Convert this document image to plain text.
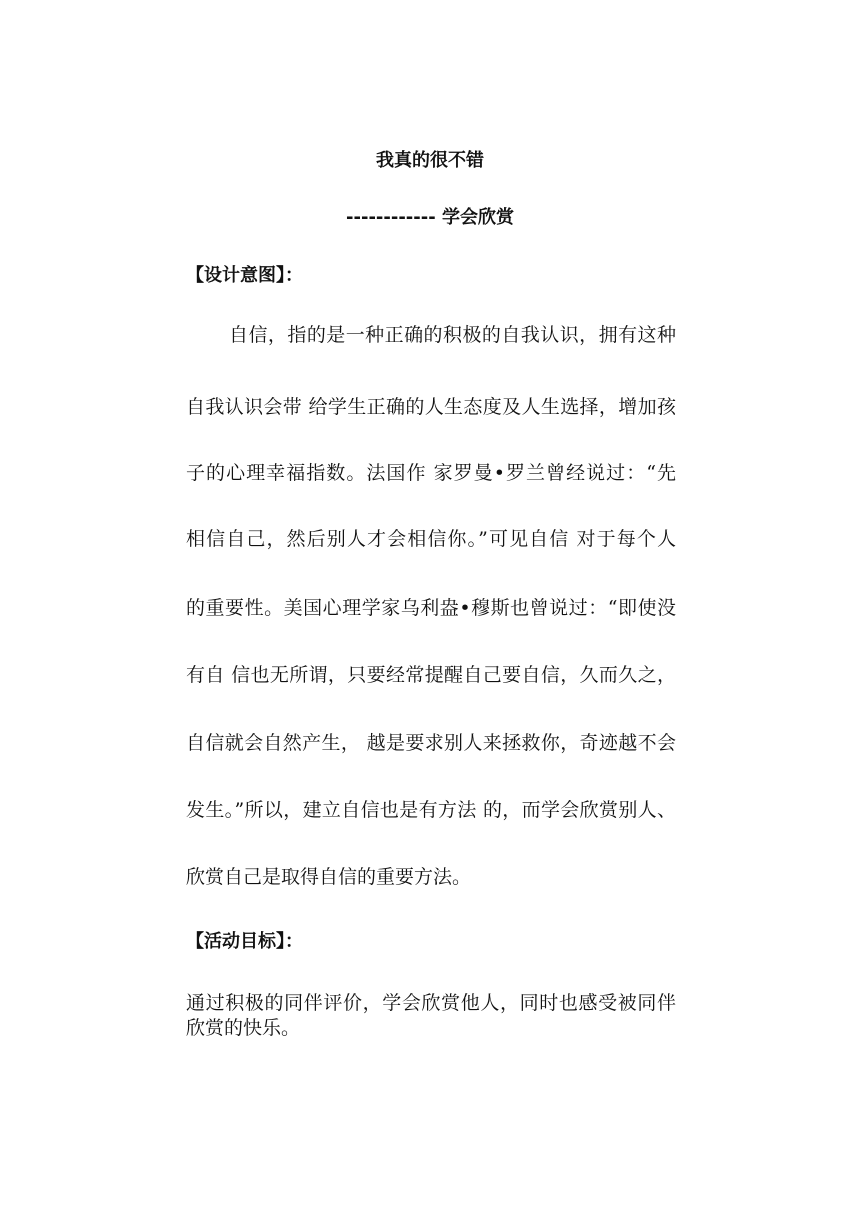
我真的很不错
------------ 学会欣赏
【设计意图】：
自信，指的是一种正确的积极的自我认识，拥有这种
自我认识会带 给学生正确的人生态度及人生选择，增加孩
子的心理幸福指数。法国作 家罗曼•罗兰曾经说过：“先
相信自己，然后别人才会相信你。”可见自信 对于每个人
的重要性。美国心理学家乌利盎•穆斯也曾说过：“即使没
有自 信也无所谓，只要经常提醒自己要自信，久而久之，
自信就会自然产生， 越是要求别人来拯救你，奇迹越不会
发生。”所以，建立自信也是有方法 的，而学会欣赏别人、
欣赏自己是取得自信的重要方法。
【活动目标】：
通过积极的同伴评价，学会欣赏他人，同时也感受被同伴
欣赏的快乐。
